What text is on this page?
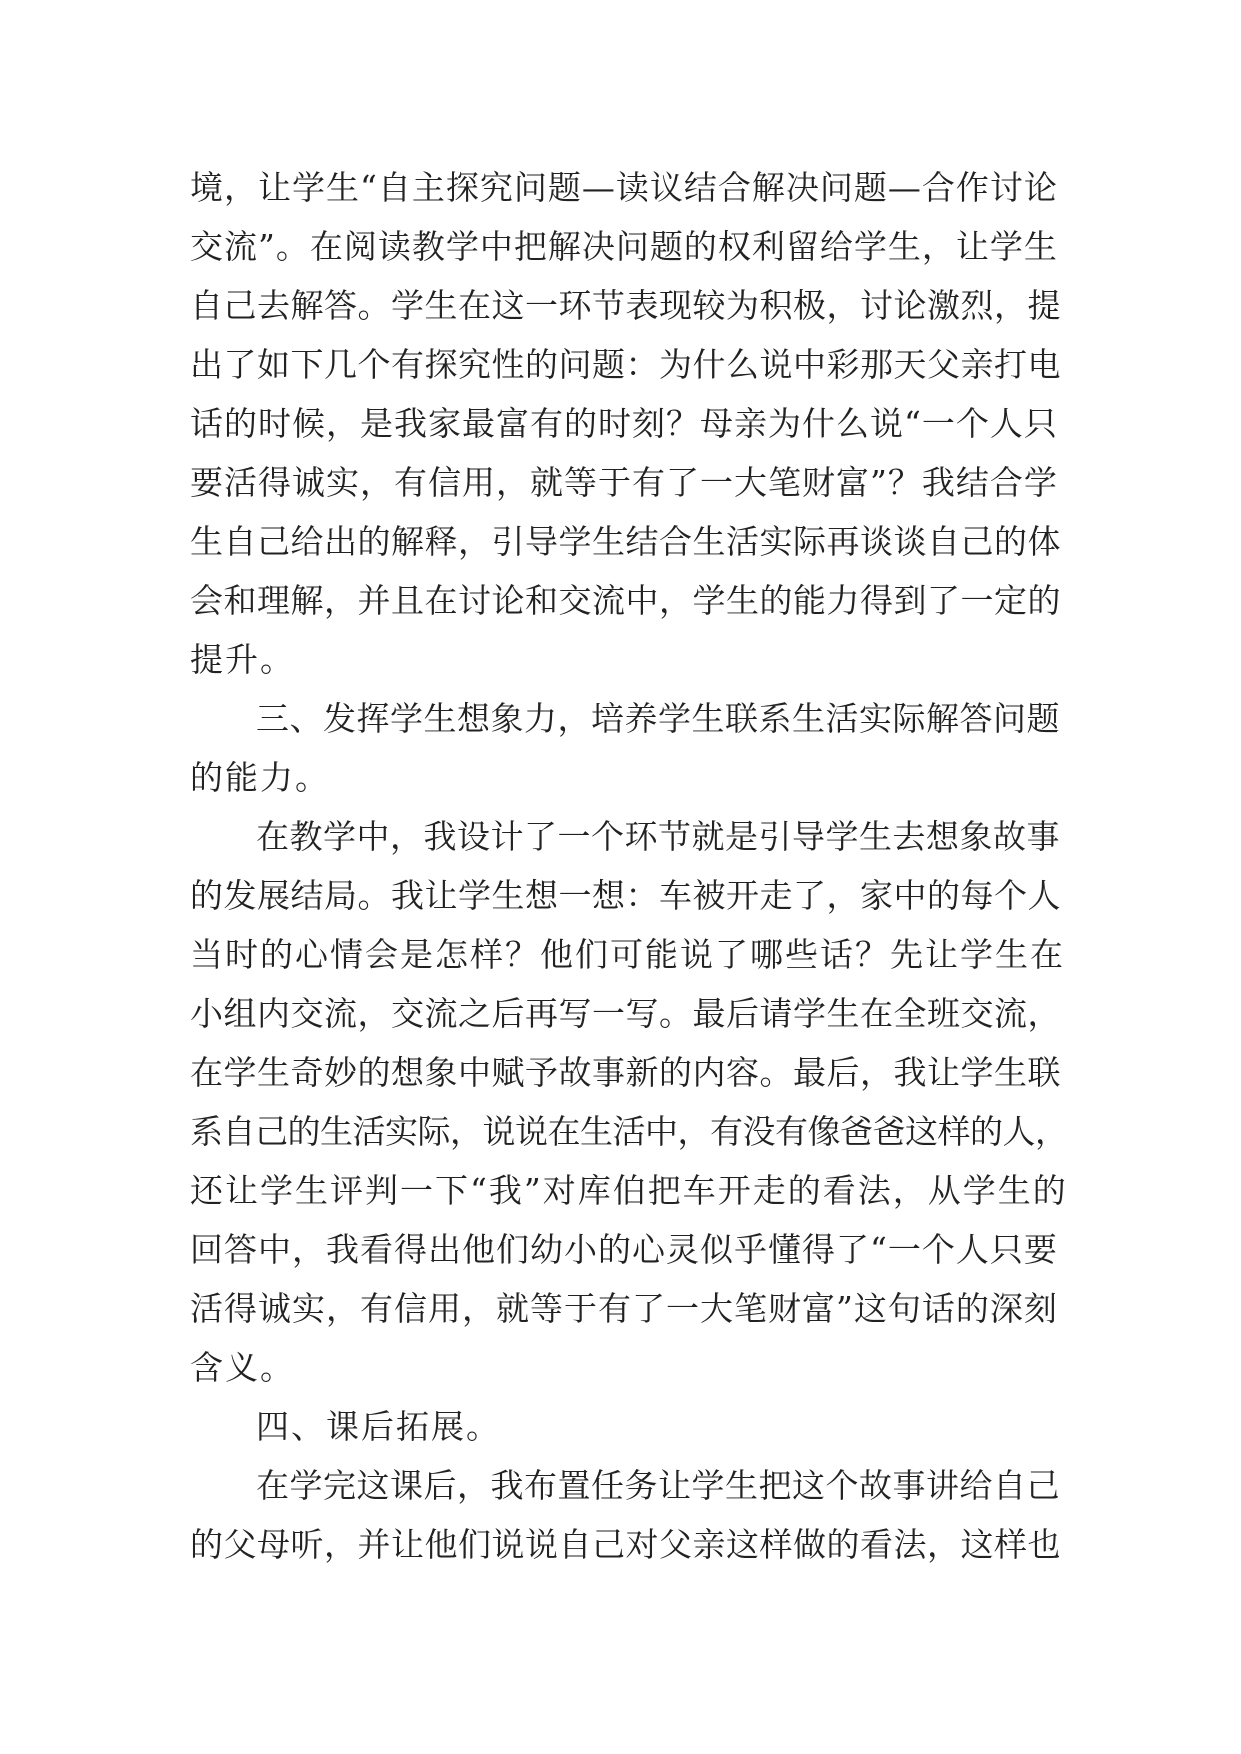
境，让学生“自主探究问题—读议结合解决问题—合作讨论
交流”。在阅读教学中把解决问题的权利留给学生，让学生
自己去解答。学生在这一环节表现较为积极，讨论激烈，提
出了如下几个有探究性的问题：为什么说中彩那天父亲打电
话的时候，是我家最富有的时刻？母亲为什么说“一个人只
要活得诚实，有信用，就等于有了一大笔财富”？我结合学
生自己给出的解释，引导学生结合生活实际再谈谈自己的体
会和理解，并且在讨论和交流中，学生的能力得到了一定的
提升。
三、发挥学生想象力，培养学生联系生活实际解答问题
的能力。
在教学中，我设计了一个环节就是引导学生去想象故事
的发展结局。我让学生想一想：车被开走了，家中的每个人
当时的心情会是怎样？他们可能说了哪些话？先让学生在
小组内交流，交流之后再写一写。最后请学生在全班交流，
在学生奇妙的想象中赋予故事新的内容。最后，我让学生联
系自己的生活实际，说说在生活中，有没有像爸爸这样的人，
还让学生评判一下“我”对库伯把车开走的看法，从学生的
回答中，我看得出他们幼小的心灵似乎懂得了“一个人只要
活得诚实，有信用，就等于有了一大笔财富”这句话的深刻
含义。
四、课后拓展。
在学完这课后，我布置任务让学生把这个故事讲给自己
的父母听，并让他们说说自己对父亲这样做的看法，这样也
